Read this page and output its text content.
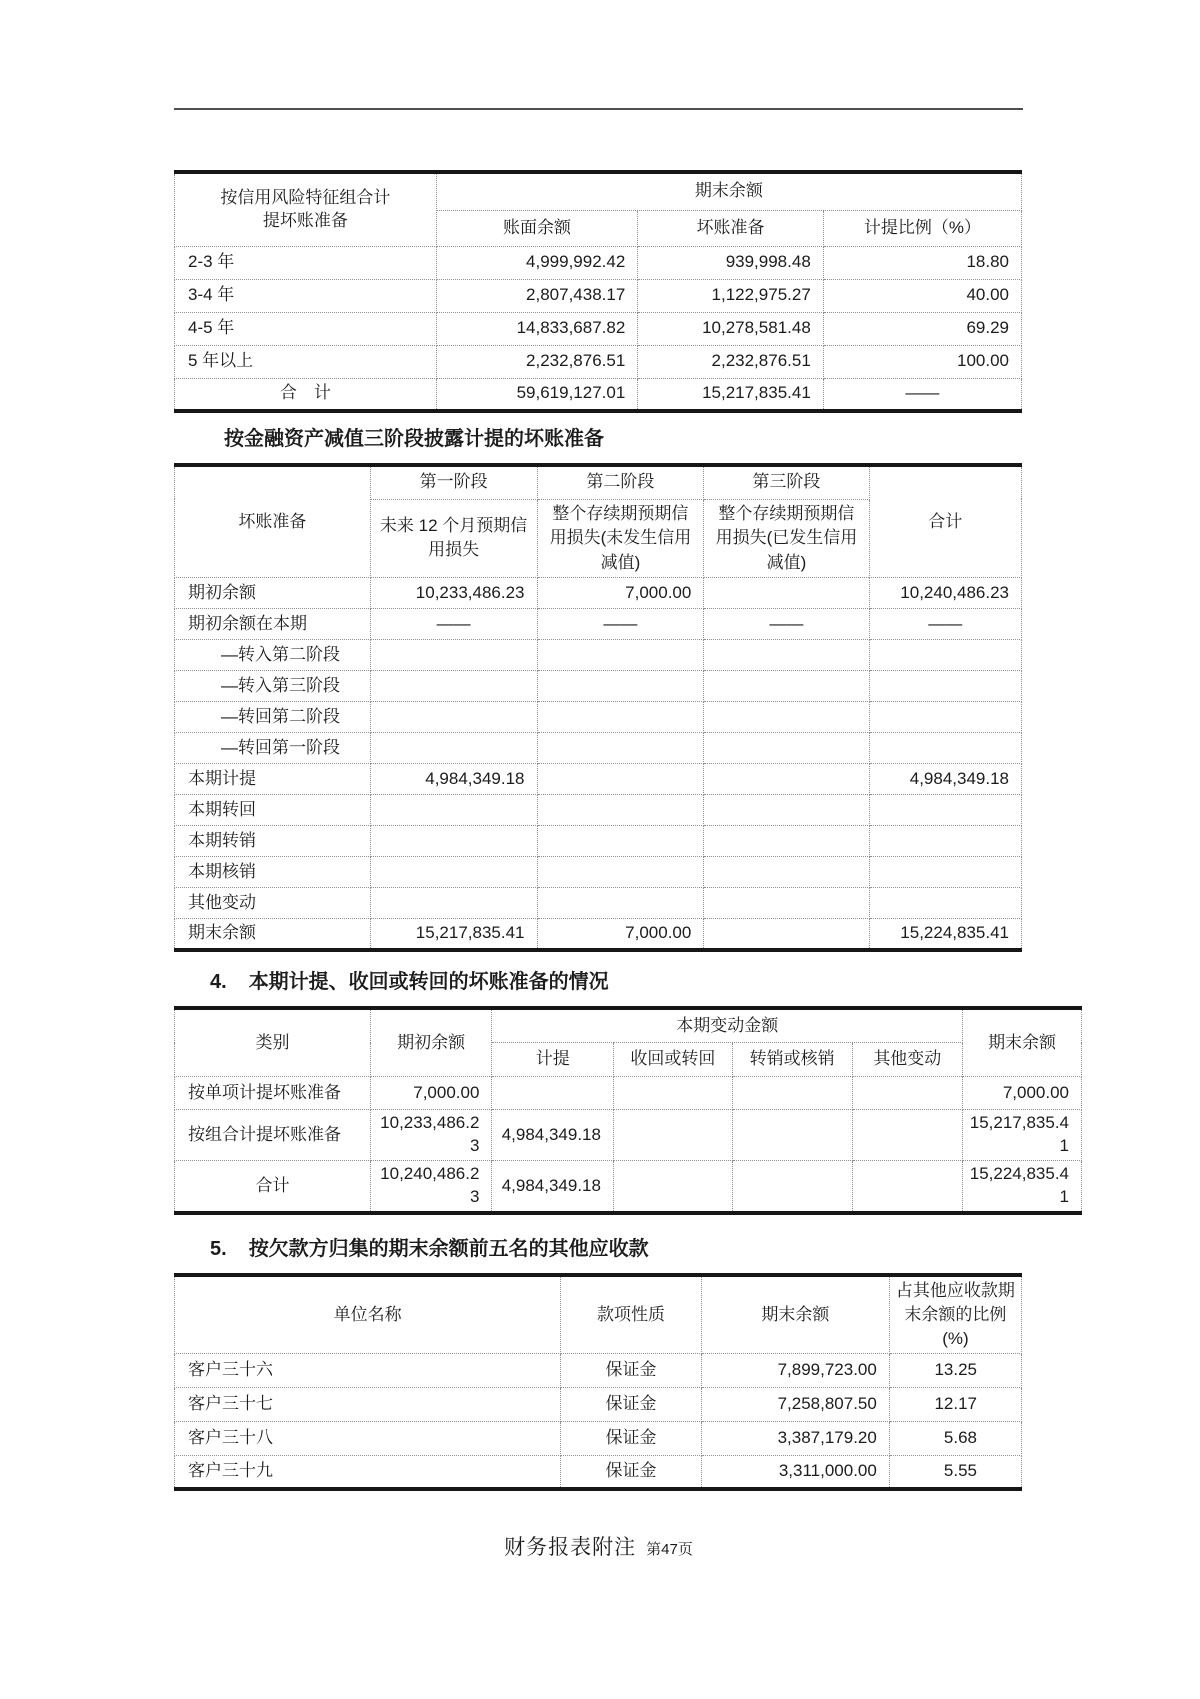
按信用风险特征组合计提坏账准备	期末余额		
	账面余额	坏账准备	计提比例（%）
2-3 年	4,999,992.42	939,998.48	18.80
3-4 年	2,807,438.17	1,122,975.27	40.00
4-5 年	14,833,687.82	10,278,581.48	69.29
5 年以上	2,232,876.51	2,232,876.51	100.00
合　计	59,619,127.01	15,217,835.41	——
按金融资产减值三阶段披露计提的坏账准备
坏账准备	第一阶段	第二阶段	第三阶段	合计
	未来 12 个月预期信用损失	整个存续期预期信用损失(未发生信用减值)	整个存续期预期信用损失(已发生信用减值)	
期初余额	10,233,486.23	7,000.00		10,240,486.23
期初余额在本期	——	——	——	——
—转入第二阶段				
—转入第三阶段				
—转回第二阶段				
—转回第一阶段				
本期计提	4,984,349.18			4,984,349.18
本期转回				
本期转销				
本期核销				
其他变动				
期末余额	15,217,835.41	7,000.00		15,224,835.41
4. 本期计提、收回或转回的坏账准备的情况
类别	期初余额	本期变动金额				期末余额
		计提	收回或转回	转销或核销	其他变动	
按单项计提坏账准备	7,000.00					7,000.00
按组合计提坏账准备	10,233,486.23	4,984,349.18				15,217,835.41
合计	10,240,486.23	4,984,349.18				15,224,835.41
5. 按欠款方归集的期末余额前五名的其他应收款
单位名称	款项性质	期末余额	占其他应收款期末余额的比例(%)
客户三十六	保证金	7,899,723.00	13.25
客户三十七	保证金	7,258,807.50	12.17
客户三十八	保证金	3,387,179.20	5.68
客户三十九	保证金	3,311,000.00	5.55
财务报表附注 第47页
